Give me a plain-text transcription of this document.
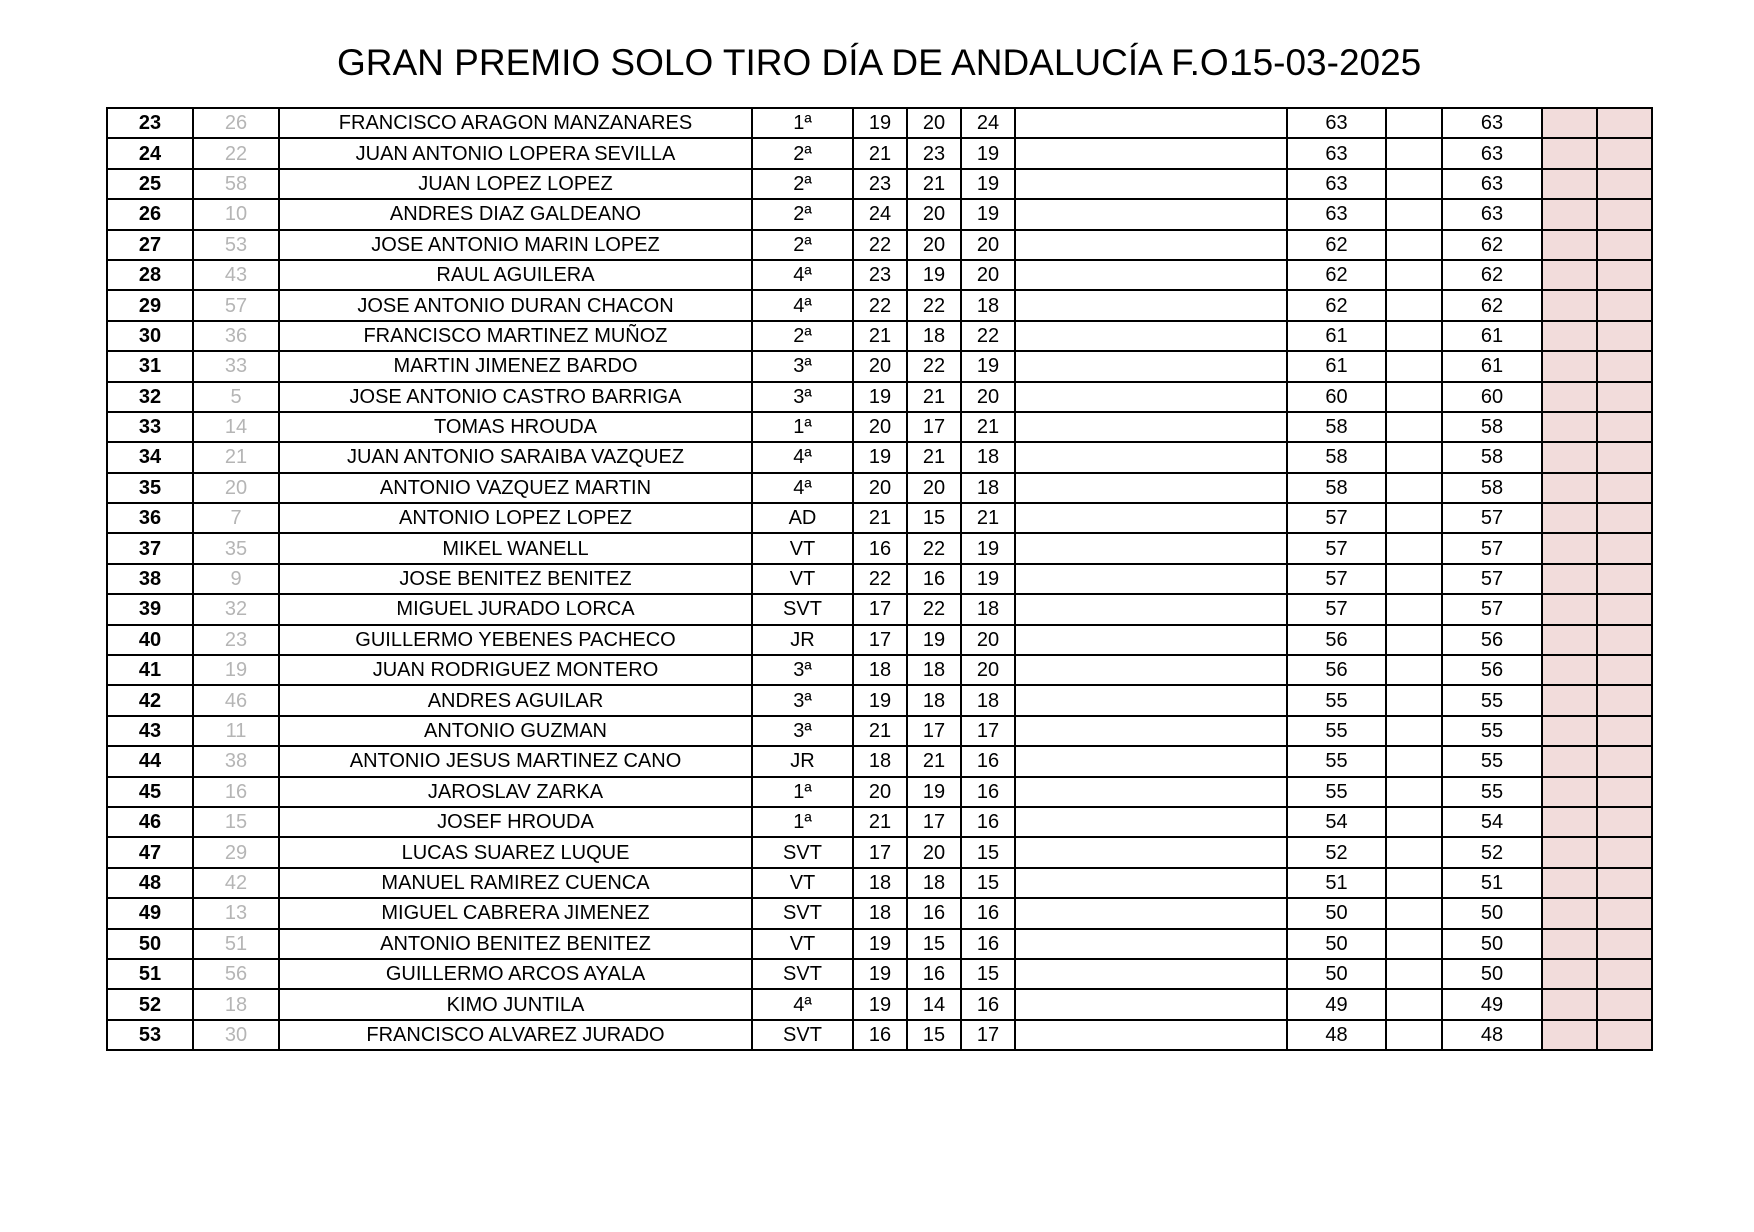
GRAN PREMIO SOLO TIRO DÍA DE ANDALUCÍA F.O.
15-03-2025
23	26	FRANCISCO ARAGON MANZANARES	1ª	19	20	24		63		63		
24	22	JUAN ANTONIO LOPERA SEVILLA	2ª	21	23	19		63		63		
25	58	JUAN LOPEZ LOPEZ	2ª	23	21	19		63		63		
26	10	ANDRES DIAZ GALDEANO	2ª	24	20	19		63		63		
27	53	JOSE ANTONIO MARIN LOPEZ	2ª	22	20	20		62		62		
28	43	RAUL AGUILERA	4ª	23	19	20		62		62		
29	57	JOSE ANTONIO DURAN CHACON	4ª	22	22	18		62		62		
30	36	FRANCISCO MARTINEZ MUÑOZ	2ª	21	18	22		61		61		
31	33	MARTIN JIMENEZ BARDO	3ª	20	22	19		61		61		
32	5	JOSE ANTONIO CASTRO BARRIGA	3ª	19	21	20		60		60		
33	14	TOMAS HROUDA	1ª	20	17	21		58		58		
34	21	JUAN ANTONIO SARAIBA VAZQUEZ	4ª	19	21	18		58		58		
35	20	ANTONIO VAZQUEZ MARTIN	4ª	20	20	18		58		58		
36	7	ANTONIO LOPEZ LOPEZ	AD	21	15	21		57		57		
37	35	MIKEL WANELL	VT	16	22	19		57		57		
38	9	JOSE BENITEZ BENITEZ	VT	22	16	19		57		57		
39	32	MIGUEL JURADO LORCA	SVT	17	22	18		57		57		
40	23	GUILLERMO YEBENES PACHECO	JR	17	19	20		56		56		
41	19	JUAN RODRIGUEZ MONTERO	3ª	18	18	20		56		56		
42	46	ANDRES AGUILAR	3ª	19	18	18		55		55		
43	11	ANTONIO GUZMAN	3ª	21	17	17		55		55		
44	38	ANTONIO JESUS MARTINEZ CANO	JR	18	21	16		55		55		
45	16	JAROSLAV ZARKA	1ª	20	19	16		55		55		
46	15	JOSEF HROUDA	1ª	21	17	16		54		54		
47	29	LUCAS SUAREZ LUQUE	SVT	17	20	15		52		52		
48	42	MANUEL RAMIREZ CUENCA	VT	18	18	15		51		51		
49	13	MIGUEL CABRERA JIMENEZ	SVT	18	16	16		50		50		
50	51	ANTONIO BENITEZ BENITEZ	VT	19	15	16		50		50		
51	56	GUILLERMO ARCOS AYALA	SVT	19	16	15		50		50		
52	18	KIMO JUNTILA	4ª	19	14	16		49		49		
53	30	FRANCISCO ALVAREZ JURADO	SVT	16	15	17		48		48		
